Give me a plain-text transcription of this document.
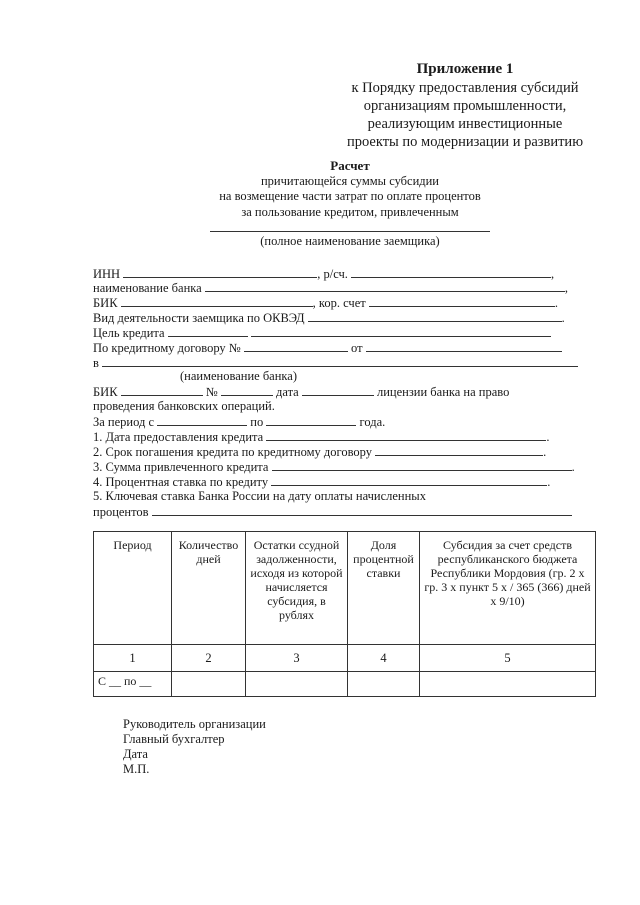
Приложение 1
к Порядку предоставления субсидий
организациям промышленности,
реализующим инвестиционные
проекты по модернизации и развитию
Расчет
причитающейся суммы субсидии
на возмещение части затрат по оплате процентов
за пользование кредитом, привлеченным
(полное наименование заемщика)
ИНН	, р/сч.	,
наименование банка	,
БИК	, кор. счет	.
Вид деятельности заемщика по ОКВЭД	.
Цель кредита
По кредитному договору №	от
в
(наименование банка)
БИК	№	дата	лицензии банка на право
проведения банковских операций.
За период с	по	года.
1. Дата предоставления кредита	.
2. Срок погашения кредита по кредитному договору	.
3. Сумма привлеченного кредита	.
4. Процентная ставка по кредиту	.
5. Ключевая ставка Банка России на дату оплаты начисленных
процентов
Период	Количество дней	Остатки ссудной задолженности, исходя из которой начисляется субсидия, в рублях	Доля процентной ставки	Субсидия за счет средств республиканского бюджета Республики Мордовия (гр. 2 х гр. 3 х пункт 5 х / 365 (366) дней х 9/10)
1	2	3	4	5
С __ по __				
Руководитель организации
Главный бухгалтер
Дата
М.П.
